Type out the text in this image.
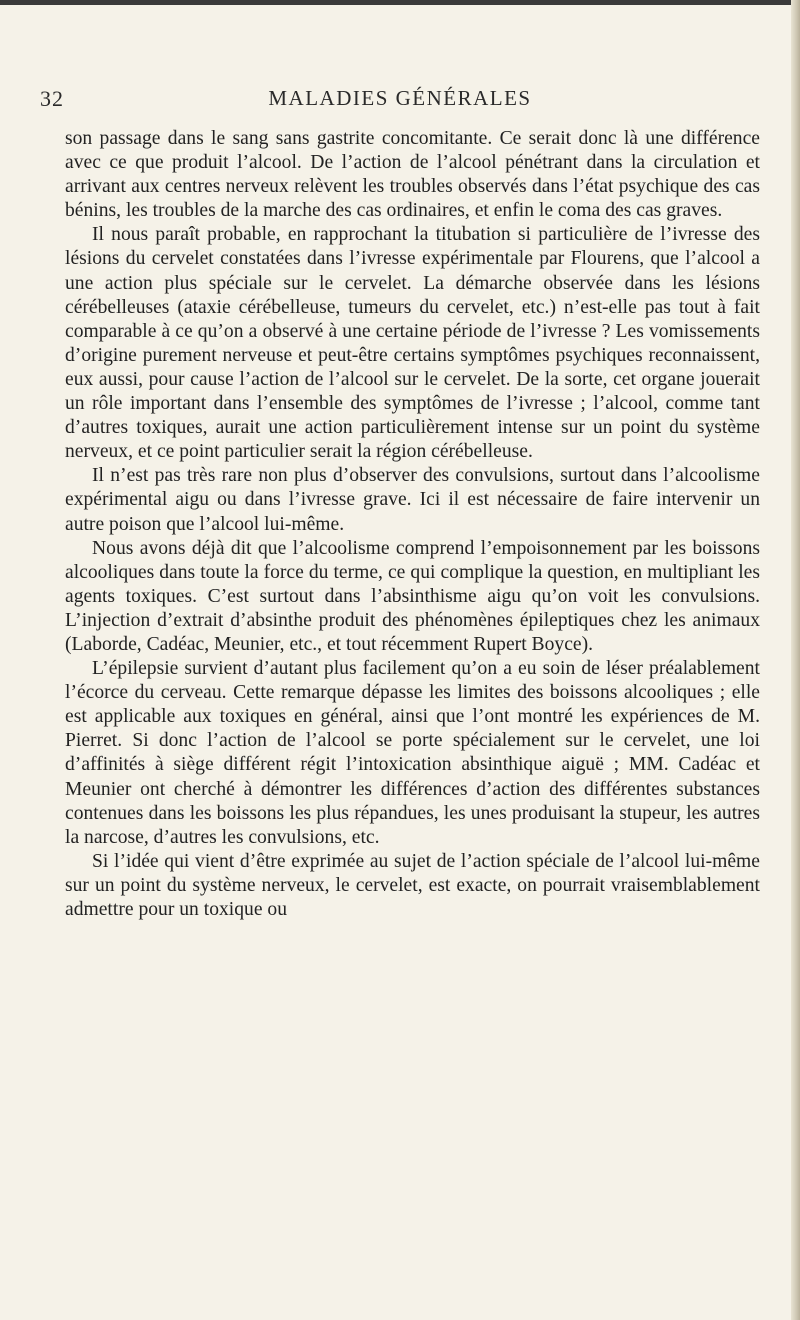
32	MALADIES GÉNÉRALES

son passage dans le sang sans gastrite concomitante. Ce serait donc là une différence avec ce que produit l’alcool. De l’action de l’alcool pénétrant dans la circulation et arrivant aux centres nerveux relèvent les troubles observés dans l’état psychique des cas bénins, les troubles de la marche des cas ordinaires, et enfin le coma des cas graves.

Il nous paraît probable, en rapprochant la titubation si particulière de l’ivresse des lésions du cervelet constatées dans l’ivresse expérimentale par Flourens, que l’alcool a une action plus spéciale sur le cervelet. La démarche observée dans les lésions cérébelleuses (ataxie cérébelleuse, tumeurs du cervelet, etc.) n’est-elle pas tout à fait comparable à ce qu’on a observé à une certaine période de l’ivresse ? Les vomissements d’origine purement nerveuse et peut-être certains symptômes psychiques reconnaissent, eux aussi, pour cause l’action de l’alcool sur le cervelet. De la sorte, cet organe jouerait un rôle important dans l’ensemble des symptômes de l’ivresse ; l’alcool, comme tant d’autres toxiques, aurait une action particulièrement intense sur un point du système nerveux, et ce point particulier serait la région cérébelleuse.

Il n’est pas très rare non plus d’observer des convulsions, surtout dans l’alcoolisme expérimental aigu ou dans l’ivresse grave. Ici il est nécessaire de faire intervenir un autre poison que l’alcool lui-même.

Nous avons déjà dit que l’alcoolisme comprend l’empoisonnement par les boissons alcooliques dans toute la force du terme, ce qui complique la question, en multipliant les agents toxiques. C’est surtout dans l’absinthisme aigu qu’on voit les convulsions. L’injection d’extrait d’absinthe produit des phénomènes épileptiques chez les animaux (Laborde, Cadéac, Meunier, etc., et tout récemment Rupert Boyce).

L’épilepsie survient d’autant plus facilement qu’on a eu soin de léser préalablement l’écorce du cerveau. Cette remarque dépasse les limites des boissons alcooliques ; elle est applicable aux toxiques en général, ainsi que l’ont montré les expériences de M. Pierret. Si donc l’action de l’alcool se porte spécialement sur le cervelet, une loi d’affinités à siège différent régit l’intoxication absinthique aiguë ; MM. Cadéac et Meunier ont cherché à démontrer les différences d’action des différentes substances contenues dans les boissons les plus répandues, les unes produisant la stupeur, les autres la narcose, d’autres les convulsions, etc.

Si l’idée qui vient d’être exprimée au sujet de l’action spéciale de l’alcool lui-même sur un point du système nerveux, le cervelet, est exacte, on pourrait vraisemblablement admettre pour un toxique ou
